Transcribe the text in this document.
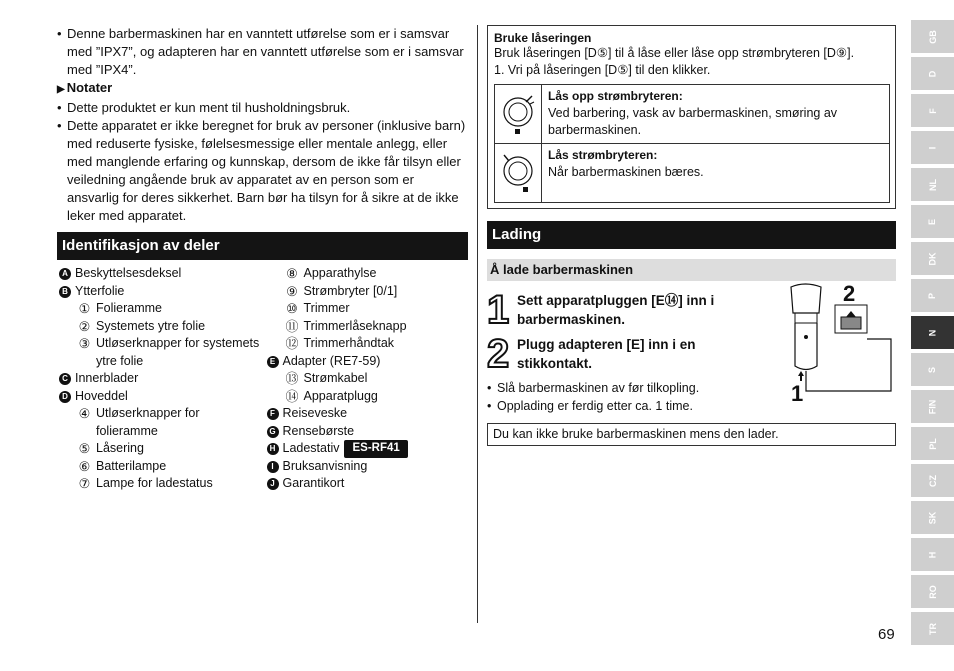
• Denne barbermaskinen har en vanntett utførelse som er i samsvar med ”IPX7”, og adapteren har en vanntett utførelse som er i samsvar med ”IPX4”.
▶ Notater
• Dette produktet er kun ment til husholdningsbruk.
• Dette apparatet er ikke beregnet for bruk av personer (inklusive barn) med reduserte fysiske, følelsesmessige eller mentale anlegg, eller med manglende erfaring og kunnskap, dersom de ikke får tilsyn eller veiledning angående bruk av apparatet av en person som er ansvarlig for deres sikkerhet. Barn bør ha tilsyn for å sikre at de ikke leker med apparatet.
Identifikasjon av deler
A Beskyttelsesdeksel
B Ytterfolie
① Folieramme
② Systemets ytre folie
③ Utløserknapper for systemets ytre folie
C Innerblader
D Hoveddel
④ Utløserknapper for folieramme
⑤ Låsering
⑥ Batterilampe
⑦ Lampe for ladestatus
⑧ Apparathylse
⑨ Strømbryter [0/1]
⑩ Trimmer
⑪ Trimmerlåseknapp
⑫ Trimmerhåndtak
E Adapter (RE7-59)
⑬ Strømkabel
⑭ Apparatplugg
F Reiseveske
G Rensebørste
H Ladestativ	ES-RF41
I Bruksanvisning
J Garantikort
Bruke låseringen
Bruk låseringen [D⑤] til å låse eller låse opp strømbryteren [D⑨].
1. Vri på låseringen [D⑤] til den klikker.
Lås opp strømbryteren:
Ved barbering, vask av barbermaskinen, smøring av barbermaskinen.
Lås strømbryteren:
Når barbermaskinen bæres.
Lading
Å lade barbermaskinen
1 Sett apparatpluggen [E⑭] inn i barbermaskinen.
2 Plugg adapteren [E] inn i en stikkontakt.
• Slå barbermaskinen av før tilkopling.
• Opplading er ferdig etter ca. 1 time.
2
1
Du kan ikke bruke barbermaskinen mens den lader.
69
GB
D
F
I
NL
E
DK
P
N
S
FIN
PL
CZ
SK
H
RO
TR
